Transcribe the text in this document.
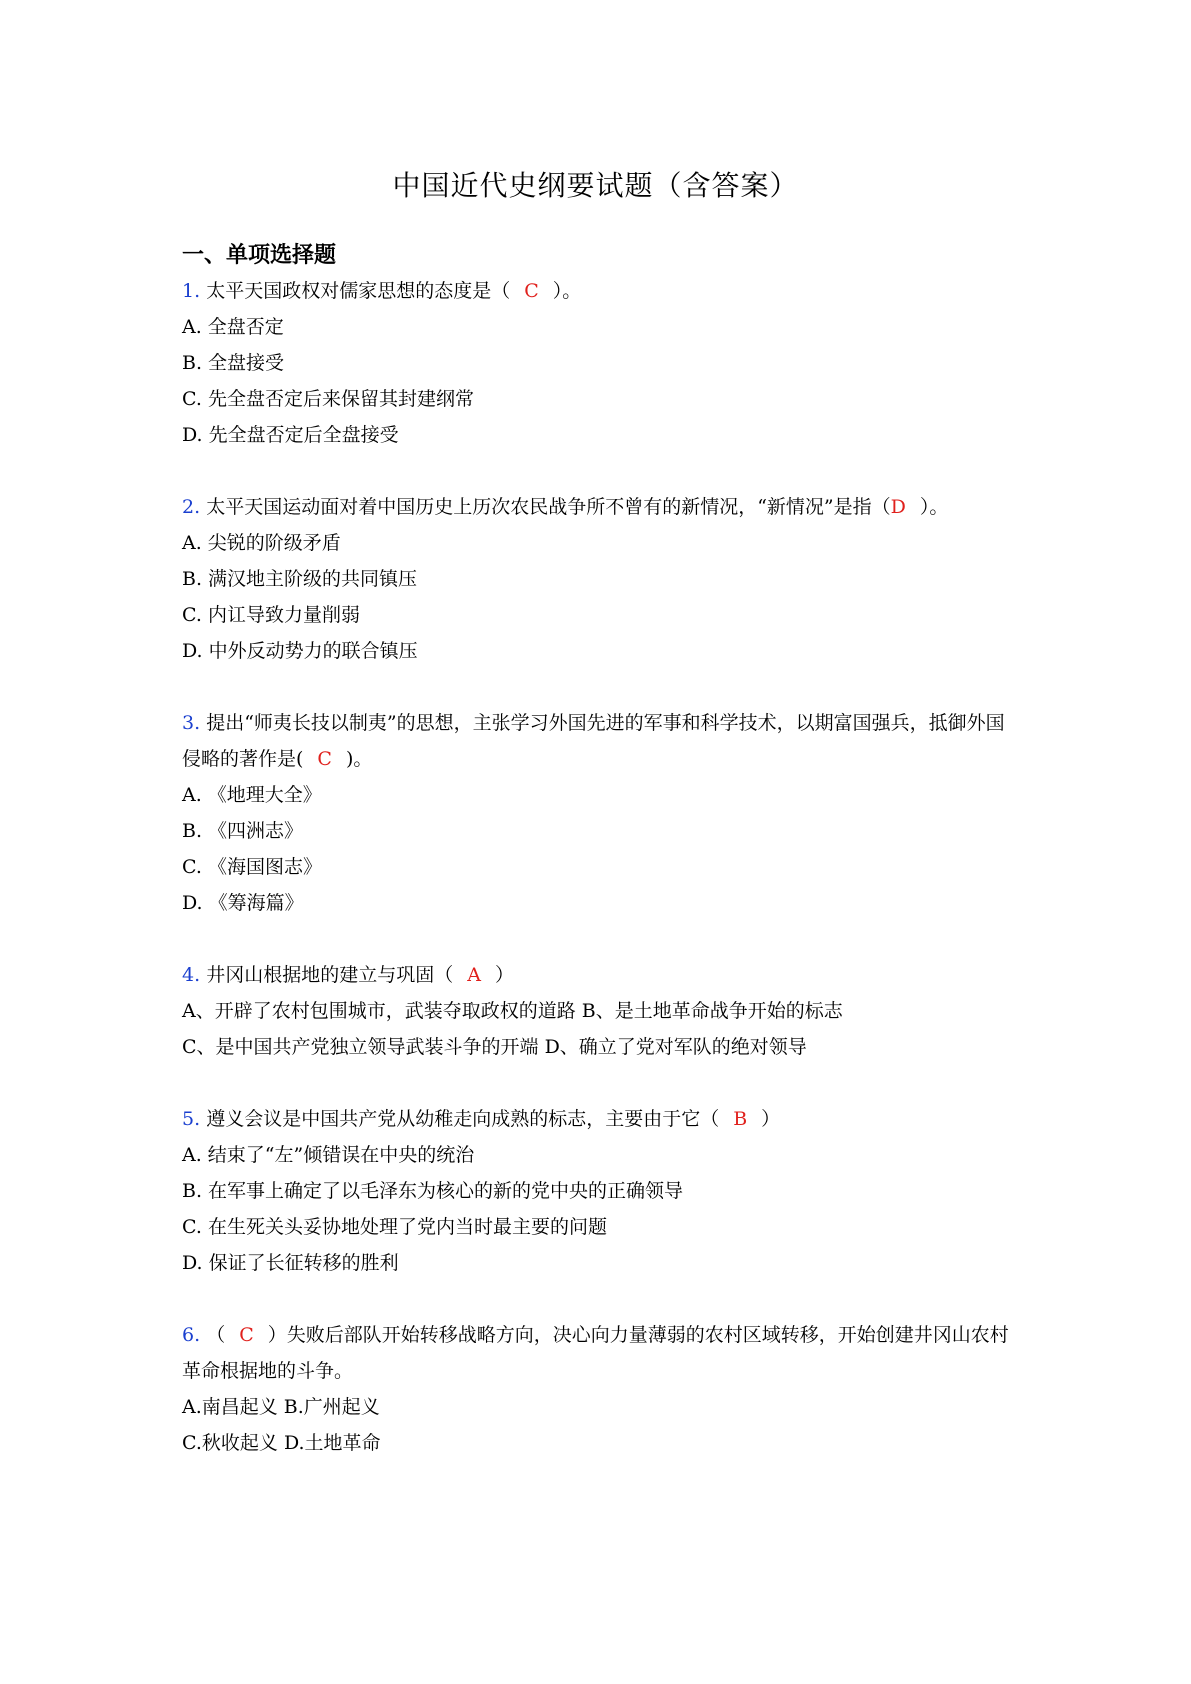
中国近代史纲要试题（含答案）
一、单项选择题
1. 太平天国政权对儒家思想的态度是（ C ）。
A. 全盘否定
B. 全盘接受
C. 先全盘否定后来保留其封建纲常
D. 先全盘否定后全盘接受
2. 太平天国运动面对着中国历史上历次农民战争所不曾有的新情况，“新情况”是指（D ）。
A. 尖锐的阶级矛盾
B. 满汉地主阶级的共同镇压
C. 内讧导致力量削弱
D. 中外反动势力的联合镇压
3. 提出“师夷长技以制夷”的思想，主张学习外国先进的军事和科学技术，以期富国强兵，抵御外国侵略的著作是( C )。
A. 《地理大全》
B. 《四洲志》
C. 《海国图志》
D. 《筹海篇》
4. 井冈山根据地的建立与巩固（ A ）
A、开辟了农村包围城市，武装夺取政权的道路 B、是土地革命战争开始的标志
C、是中国共产党独立领导武装斗争的开端 D、确立了党对军队的绝对领导
5. 遵义会议是中国共产党从幼稚走向成熟的标志，主要由于它（ B ）
A. 结束了“左”倾错误在中央的统治
B. 在军事上确定了以毛泽东为核心的新的党中央的正确领导
C. 在生死关头妥协地处理了党内当时最主要的问题
D. 保证了长征转移的胜利
6. （ C ）失败后部队开始转移战略方向，决心向力量薄弱的农村区域转移，开始创建井冈山农村革命根据地的斗争。
A.南昌起义 B.广州起义
C.秋收起义 D.土地革命
